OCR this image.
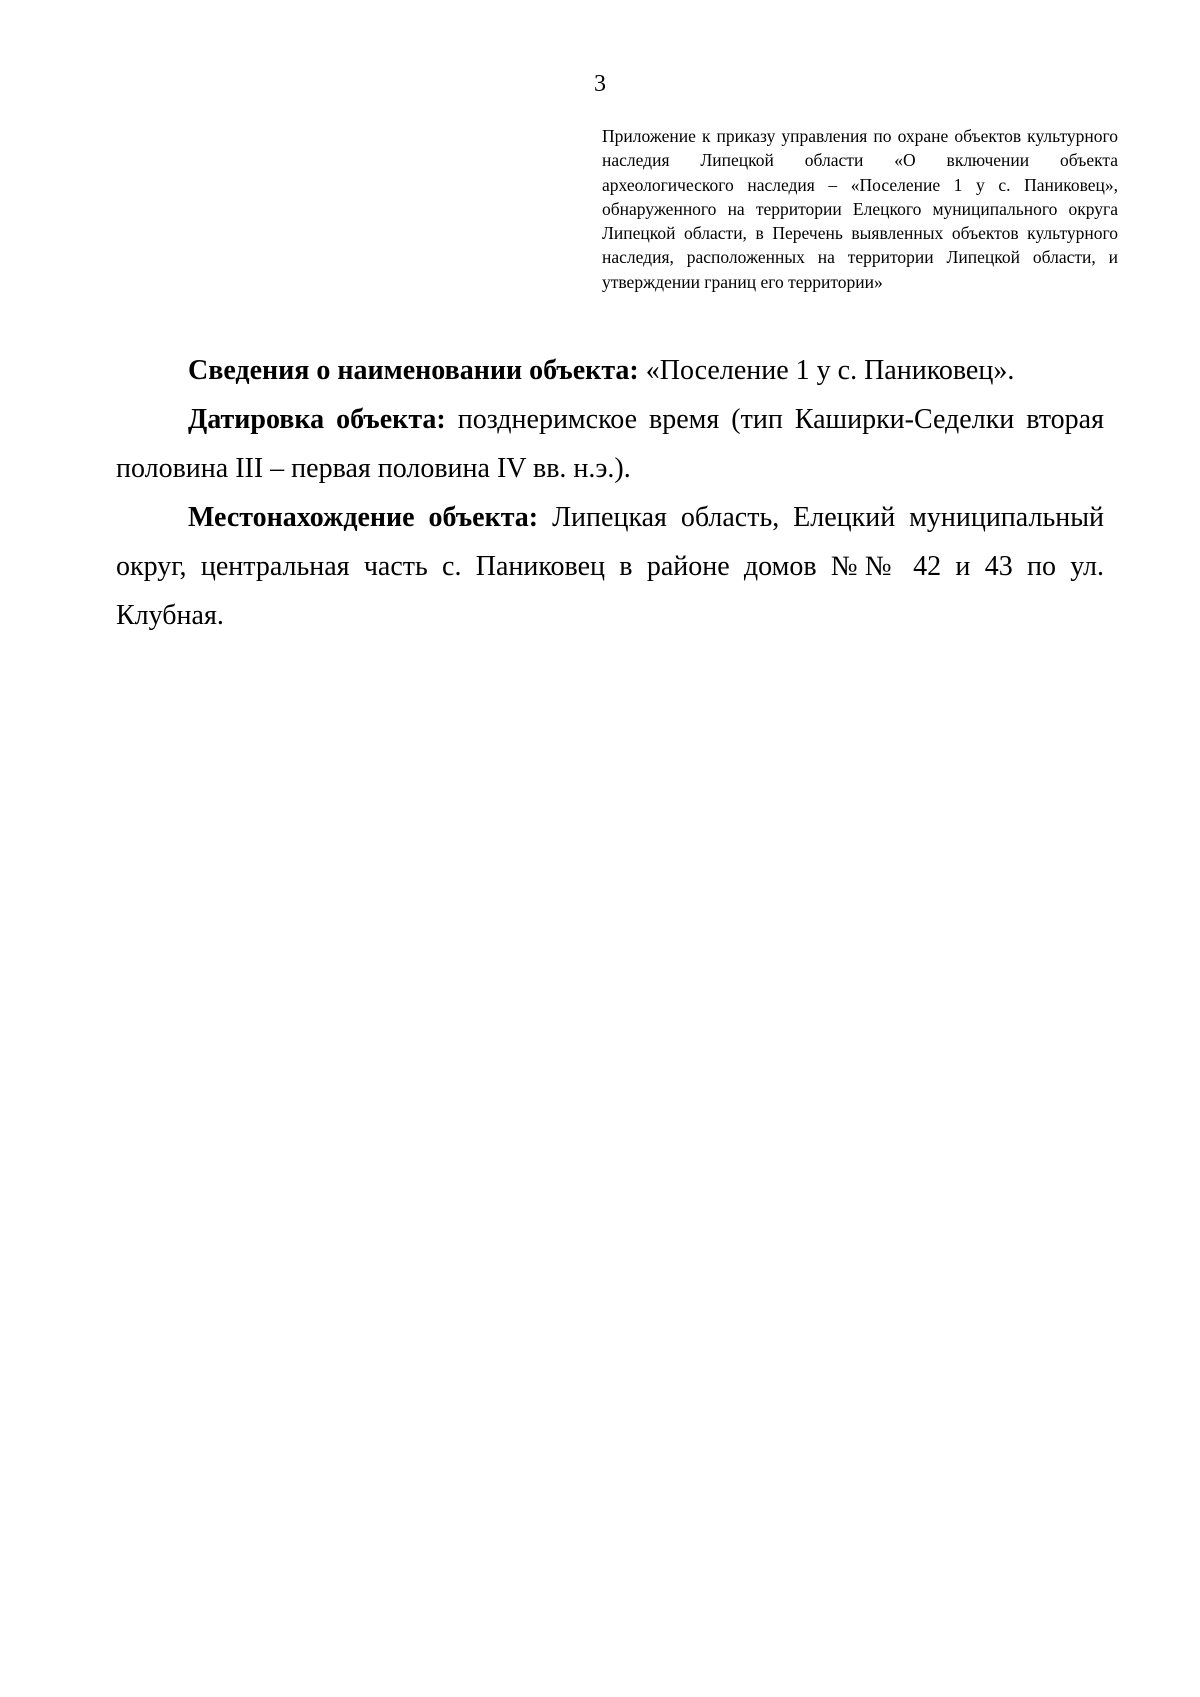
3
Приложение к приказу управления по охране объектов культурного наследия Липецкой области «О включении объекта археологического наследия – «Поселение 1 у с. Паниковец», обнаруженного на территории Елецкого муниципального округа Липецкой области, в Перечень выявленных объектов культурного наследия, расположенных на территории Липецкой области, и утверждении границ его территории»

Сведения о наименовании объекта: «Поселение 1 у с. Паниковец».

Датировка объекта: позднеримское время (тип Каширки-Седелки вторая половина III – первая половина IV вв. н.э.).

Местонахождение объекта: Липецкая область, Елецкий муниципальный округ, центральная часть с. Паниковец в районе домов №№ 42 и 43 по ул. Клубная.
